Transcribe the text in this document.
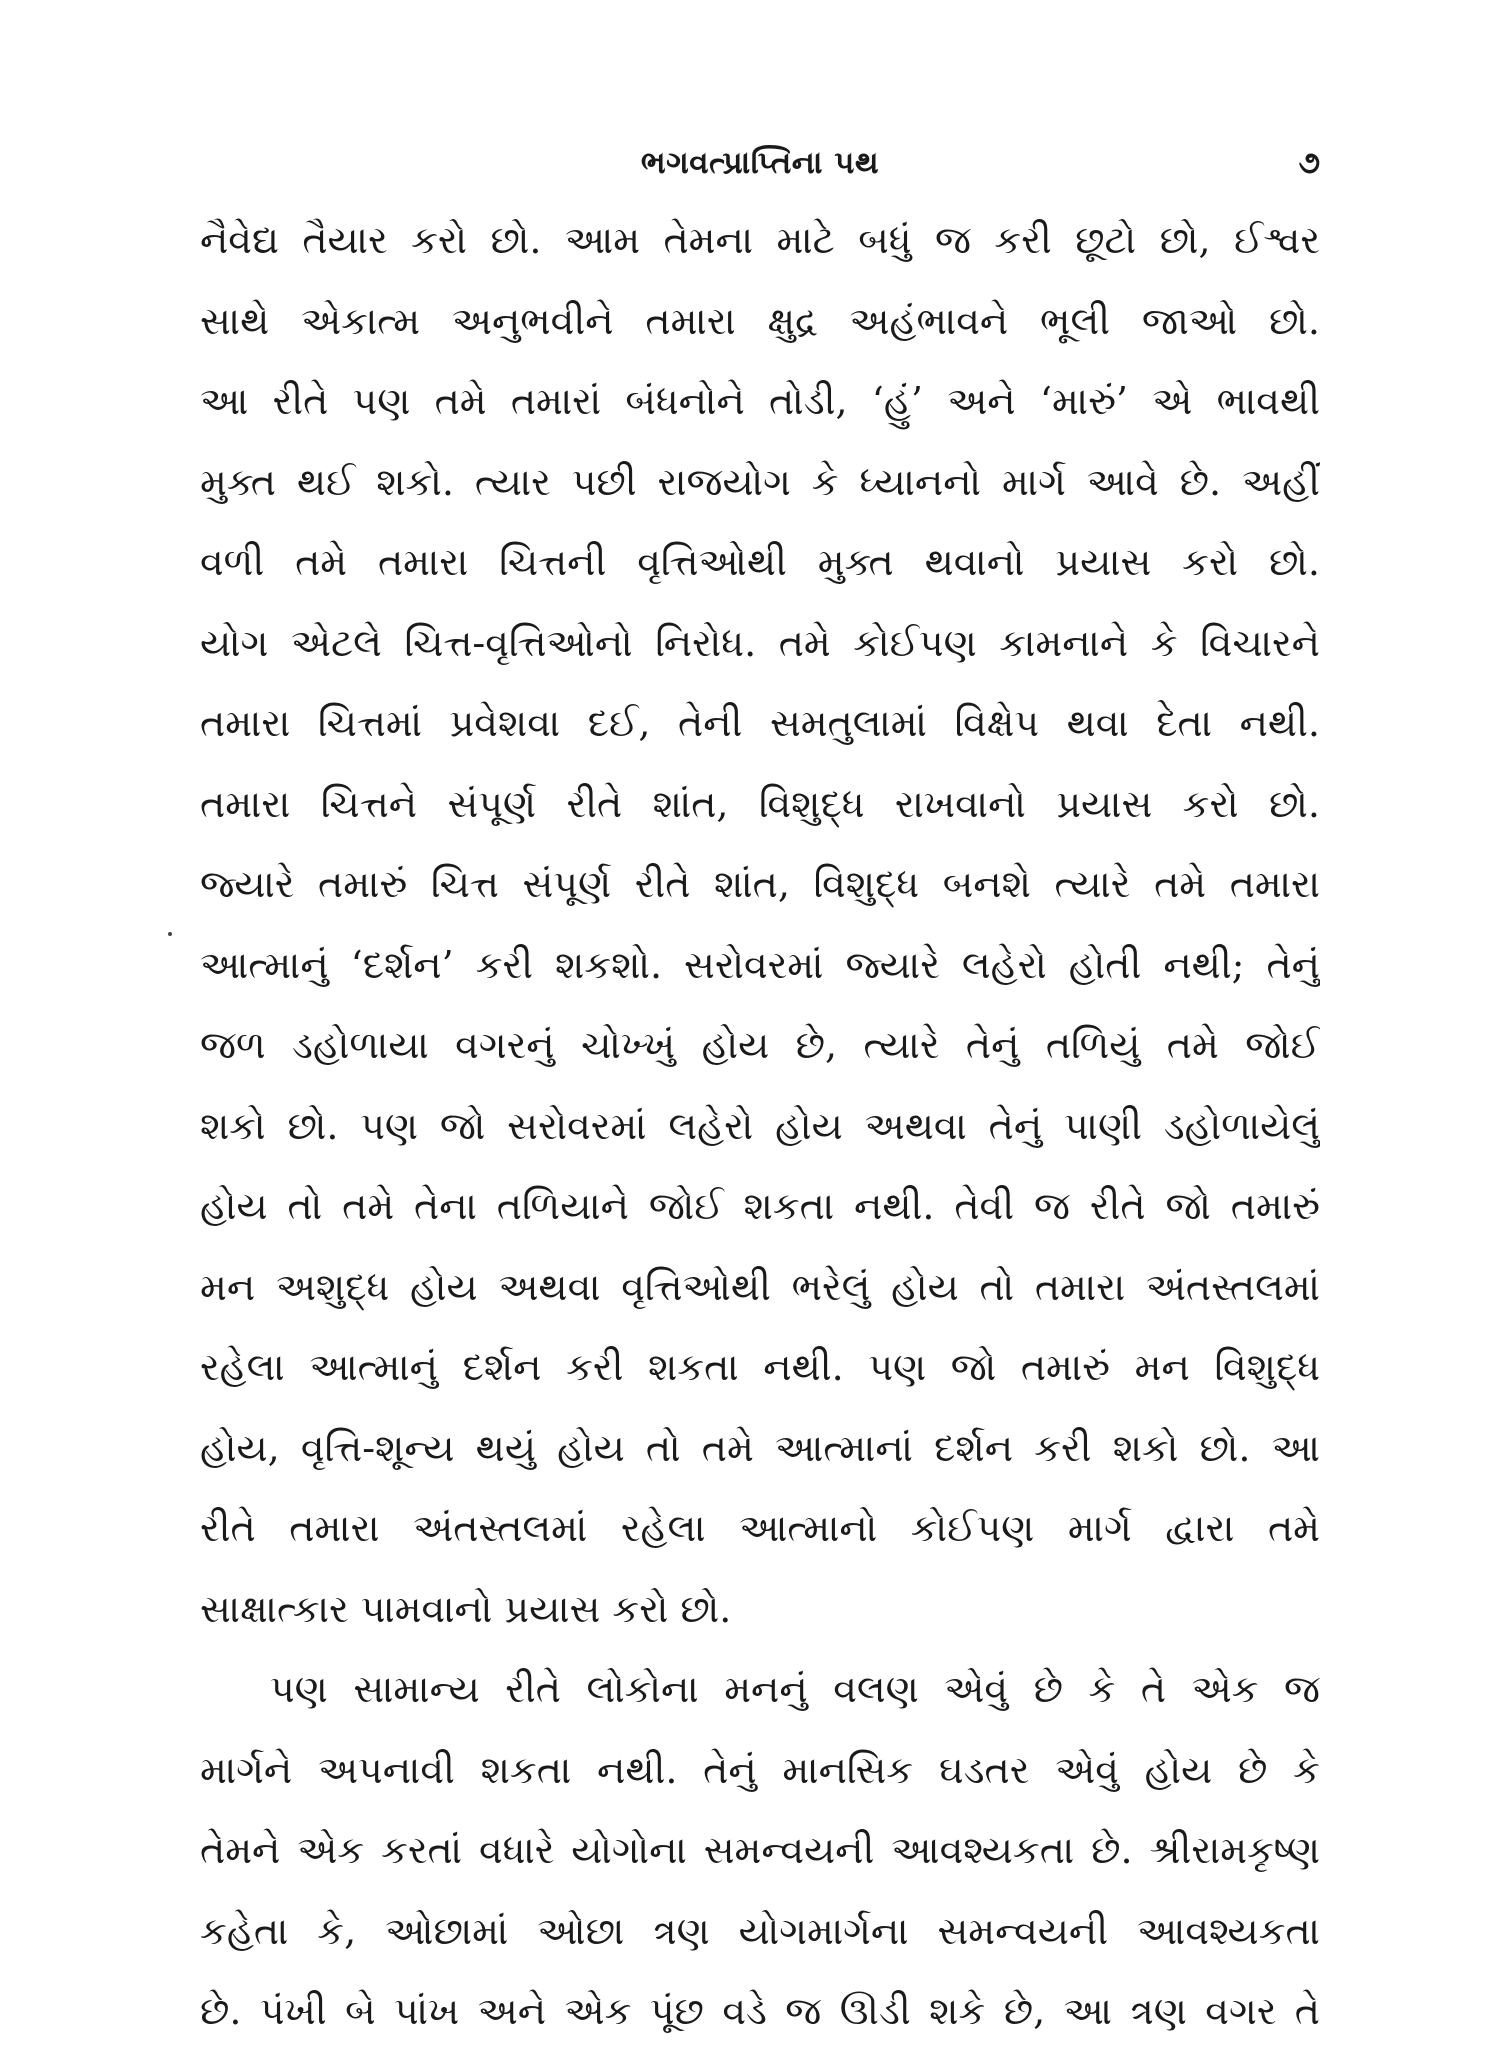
ભગવત્પ્રાપ્તિના પથ	૭
નૈવેદ્ય તૈયાર કરો છો. આમ તેમના માટે બધું જ કરી છૂટો છો, ઈશ્વર
સાથે એકાત્મ અનુભવીને તમારા ક્ષુદ્ર અહંભાવને ભૂલી જાઓ છો.
આ રીતે પણ તમે તમારાં બંધનોને તોડી, ‘હું’ અને ‘મારું’ એ ભાવથી
મુક્ત થઈ શકો. ત્યાર પછી રાજયોગ કે ધ્યાનનો માર્ગ આવે છે. અહીં
વળી તમે તમારા ચિત્તની વૃત્તિઓથી મુક્ત થવાનો પ્રયાસ કરો છો.
યોગ એટલે ચિત્ત-વૃત્તિઓનો નિરોધ. તમે કોઈપણ કામનાને કે વિચારને
તમારા ચિત્તમાં પ્રવેશવા દઈ, તેની સમતુલામાં વિક્ષેપ થવા દેતા નથી.
તમારા ચિત્તને સંપૂર્ણ રીતે શાંત, વિશુદ્ધ રાખવાનો પ્રયાસ કરો છો.
જ્યારે તમારું ચિત્ત સંપૂર્ણ રીતે શાંત, વિશુદ્ધ બનશે ત્યારે તમે તમારા
આત્માનું ‘દર્શન’ કરી શકશો. સરોવરમાં જ્યારે લહેરો હોતી નથી; તેનું
જળ ડહોળાયા વગરનું ચોખ્ખું હોય છે, ત્યારે તેનું તળિયું તમે જોઈ
શકો છો. પણ જો સરોવરમાં લહેરો હોય અથવા તેનું પાણી ડહોળાયેલું
હોય તો તમે તેના તળિયાને જોઈ શકતા નથી. તેવી જ રીતે જો તમારું
મન અશુદ્ધ હોય અથવા વૃત્તિઓથી ભરેલું હોય તો તમારા અંતસ્તલમાં
રહેલા આત્માનું દર્શન કરી શકતા નથી. પણ જો તમારું મન વિશુદ્ધ
હોય, વૃત્તિ-શૂન્ય થયું હોય તો તમે આત્માનાં દર્શન કરી શકો છો. આ
રીતે તમારા અંતસ્તલમાં રહેલા આત્માનો કોઈપણ માર્ગ દ્વારા તમે
સાક્ષાત્કાર પામવાનો પ્રયાસ કરો છો.
પણ સામાન્ય રીતે લોકોના મનનું વલણ એવું છે કે તે એક જ
માર્ગને અપનાવી શકતા નથી. તેનું માનસિક ઘડતર એવું હોય છે કે
તેમને એક કરતાં વધારે યોગોના સમન્વયની આવશ્યકતા છે. શ્રીરામકૃષ્ણ
કહેતા કે, ઓછામાં ઓછા ત્રણ યોગમાર્ગના સમન્વયની આવશ્યકતા
છે. પંખી બે પાંખ અને એક પૂંછ વડે જ ઊડી શકે છે, આ ત્રણ વગર તે
